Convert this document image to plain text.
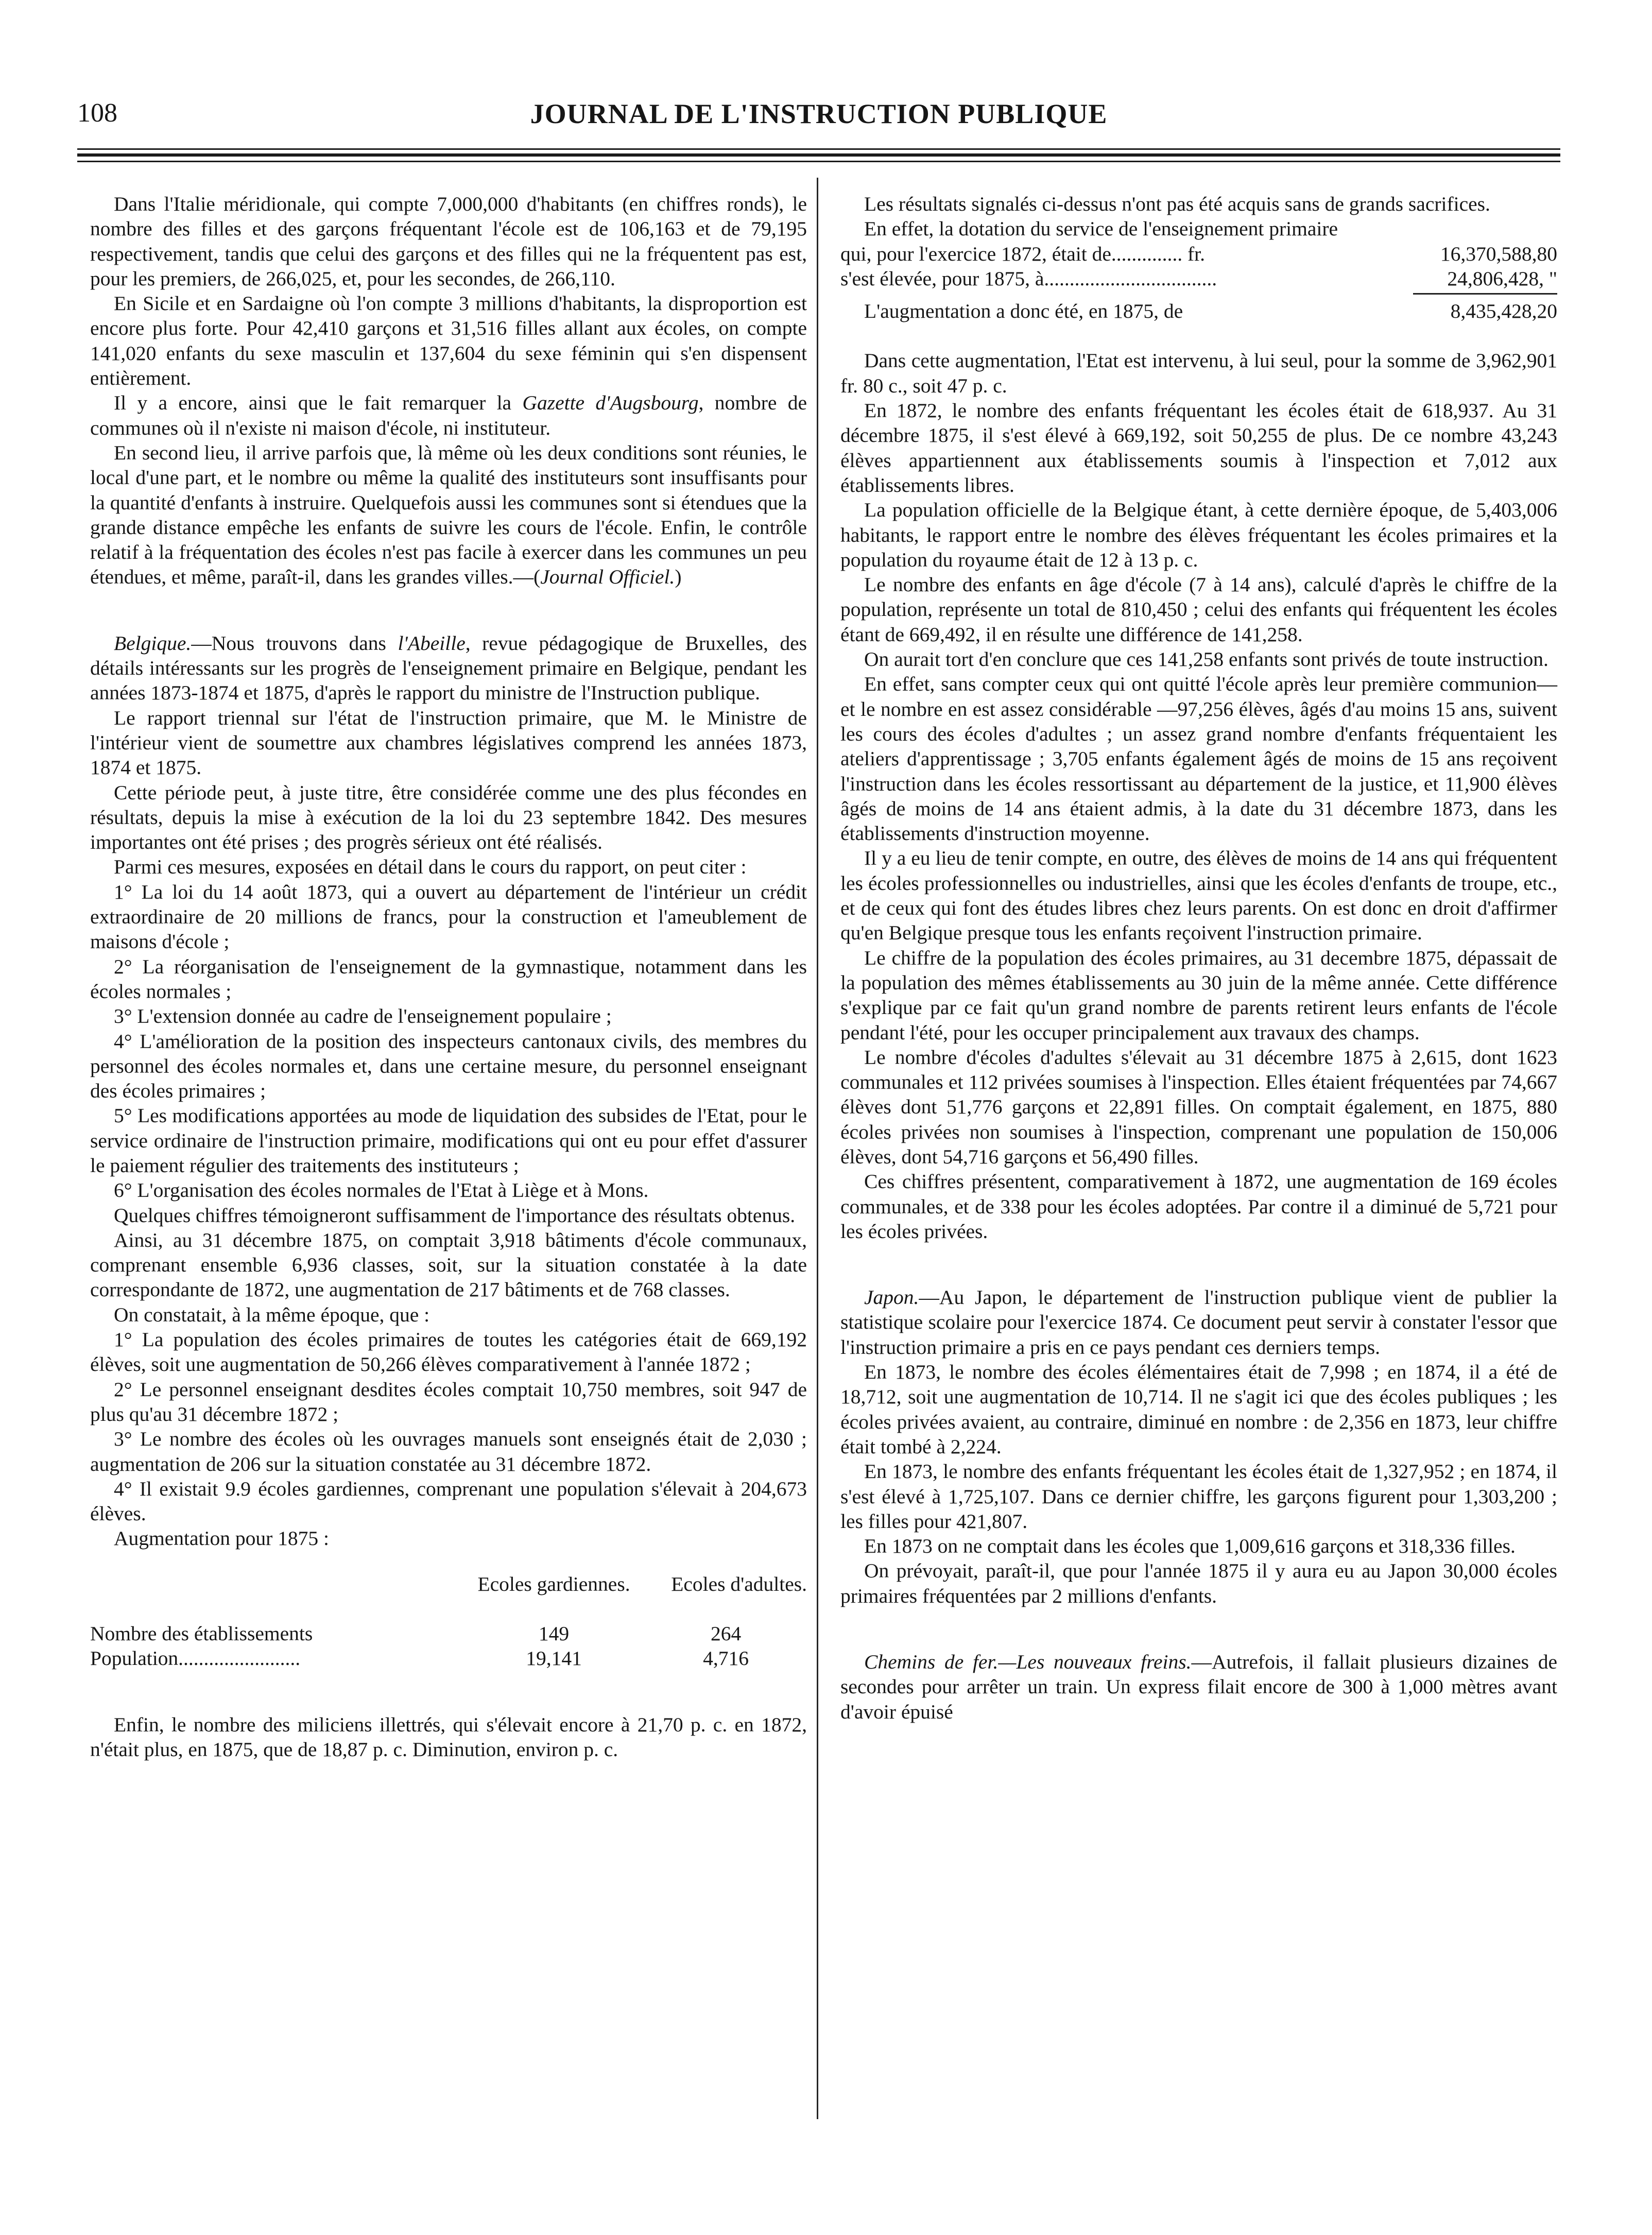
108	JOURNAL DE L'INSTRUCTION PUBLIQUE

Dans l'Italie méridionale, qui compte 7,000,000 d'habitants (en chiffres ronds), le nombre des filles et des garçons fréquentant l'école est de 106,163 et de 79,195 respectivement, tandis que celui des garçons et des filles qui ne la fréquentent pas est, pour les premiers, de 266,025, et, pour les secondes, de 266,110.

En Sicile et en Sardaigne où l'on compte 3 millions d'habitants, la disproportion est encore plus forte. Pour 42,410 garçons et 31,516 filles allant aux écoles, on compte 141,020 enfants du sexe masculin et 137,604 du sexe féminin qui s'en dispensent entièrement.

Il y a encore, ainsi que le fait remarquer la Gazette d'Augsbourg, nombre de communes où il n'existe ni maison d'école, ni instituteur.

En second lieu, il arrive parfois que, là même où les deux conditions sont réunies, le local d'une part, et le nombre ou même la qualité des instituteurs sont insuffisants pour la quantité d'enfants à instruire. Quelquefois aussi les communes sont si étendues que la grande distance empêche les enfants de suivre les cours de l'école. Enfin, le contrôle relatif à la fréquentation des écoles n'est pas facile à exercer dans les communes un peu étendues, et même, paraît-il, dans les grandes villes.—(Journal Officiel.)

Belgique.—Nous trouvons dans l'Abeille, revue pédagogique de Bruxelles, des détails intéressants sur les progrès de l'enseignement primaire en Belgique, pendant les années 1873-1874 et 1875, d'après le rapport du ministre de l'Instruction publique.

Le rapport triennal sur l'état de l'instruction primaire, que M. le Ministre de l'intérieur vient de soumettre aux chambres législatives comprend les années 1873, 1874 et 1875.

Cette période peut, à juste titre, être considérée comme une des plus fécondes en résultats, depuis la mise à exécution de la loi du 23 septembre 1842. Des mesures importantes ont été prises ; des progrès sérieux ont été réalisés.

Parmi ces mesures, exposées en détail dans le cours du rapport, on peut citer :

1° La loi du 14 août 1873, qui a ouvert au département de l'intérieur un crédit extraordinaire de 20 millions de francs, pour la construction et l'ameublement de maisons d'école ;

2° La réorganisation de l'enseignement de la gymnastique, notamment dans les écoles normales ;

3° L'extension donnée au cadre de l'enseignement populaire ;

4° L'amélioration de la position des inspecteurs cantonaux civils, des membres du personnel des écoles normales et, dans une certaine mesure, du personnel enseignant des écoles primaires ;

5° Les modifications apportées au mode de liquidation des subsides de l'Etat, pour le service ordinaire de l'instruction primaire, modifications qui ont eu pour effet d'assurer le paiement régulier des traitements des instituteurs ;

6° L'organisation des écoles normales de l'Etat à Liège et à Mons.

Quelques chiffres témoigneront suffisamment de l'importance des résultats obtenus.

Ainsi, au 31 décembre 1875, on comptait 3,918 bâtiments d'école communaux, comprenant ensemble 6,936 classes, soit, sur la situation constatée à la date correspondante de 1872, une augmentation de 217 bâtiments et de 768 classes.

On constatait, à la même époque, que :

1° La population des écoles primaires de toutes les catégories était de 669,192 élèves, soit une augmentation de 50,266 élèves comparativement à l'année 1872 ;

2° Le personnel enseignant desdites écoles comptait 10,750 membres, soit 947 de plus qu'au 31 décembre 1872 ;

3° Le nombre des écoles où les ouvrages manuels sont enseignés était de 2,030 ; augmentation de 206 sur la situation constatée au 31 décembre 1872.

4° Il existait 9.9 écoles gardiennes, comprenant une population s'élevait à 204,673 élèves.

Augmentation pour 1875 :

	Ecoles gardiennes.	Ecoles d'adultes.

Nombre des établissements	149	264
Population........................	19,141	4,716

Enfin, le nombre des miliciens illettrés, qui s'élevait encore à 21,70 p. c. en 1872, n'était plus, en 1875, que de 18,87 p. c. Diminution, environ p. c.

Les résultats signalés ci-dessus n'ont pas été acquis sans de grands sacrifices.

En effet, la dotation du service de l'enseignement primaire

qui, pour l'exercice 1872, était de.............. fr.	16,370,588,80
s'est élevée, pour 1875, à..................................	24,806,428, "
L'augmentation a donc été, en 1875, de	8,435,428,20

Dans cette augmentation, l'Etat est intervenu, à lui seul, pour la somme de 3,962,901 fr. 80 c., soit 47 p. c.

En 1872, le nombre des enfants fréquentant les écoles était de 618,937. Au 31 décembre 1875, il s'est élevé à 669,192, soit 50,255 de plus. De ce nombre 43,243 élèves appartiennent aux établissements soumis à l'inspection et 7,012 aux établissements libres.

La population officielle de la Belgique étant, à cette dernière époque, de 5,403,006 habitants, le rapport entre le nombre des élèves fréquentant les écoles primaires et la population du royaume était de 12 à 13 p. c.

Le nombre des enfants en âge d'école (7 à 14 ans), calculé d'après le chiffre de la population, représente un total de 810,450 ; celui des enfants qui fréquentent les écoles étant de 669,492, il en résulte une différence de 141,258.

On aurait tort d'en conclure que ces 141,258 enfants sont privés de toute instruction.

En effet, sans compter ceux qui ont quitté l'école après leur première communion—et le nombre en est assez considérable —97,256 élèves, âgés d'au moins 15 ans, suivent les cours des écoles d'adultes ; un assez grand nombre d'enfants fréquentaient les ateliers d'apprentissage ; 3,705 enfants également âgés de moins de 15 ans reçoivent l'instruction dans les écoles ressortissant au département de la justice, et 11,900 élèves âgés de moins de 14 ans étaient admis, à la date du 31 décembre 1873, dans les établissements d'instruction moyenne.

Il y a eu lieu de tenir compte, en outre, des élèves de moins de 14 ans qui fréquentent les écoles professionnelles ou industrielles, ainsi que les écoles d'enfants de troupe, etc., et de ceux qui font des études libres chez leurs parents. On est donc en droit d'affirmer qu'en Belgique presque tous les enfants reçoivent l'instruction primaire.

Le chiffre de la population des écoles primaires, au 31 decembre 1875, dépassait de la population des mêmes établissements au 30 juin de la même année. Cette différence s'explique par ce fait qu'un grand nombre de parents retirent leurs enfants de l'école pendant l'été, pour les occuper principalement aux travaux des champs.

Le nombre d'écoles d'adultes s'élevait au 31 décembre 1875 à 2,615, dont 1623 communales et 112 privées soumises à l'inspection. Elles étaient fréquentées par 74,667 élèves dont 51,776 garçons et 22,891 filles. On comptait également, en 1875, 880 écoles privées non soumises à l'inspection, comprenant une population de 150,006 élèves, dont 54,716 garçons et 56,490 filles.

Ces chiffres présentent, comparativement à 1872, une augmentation de 169 écoles communales, et de 338 pour les écoles adoptées. Par contre il a diminué de 5,721 pour les écoles privées.

Japon.—Au Japon, le département de l'instruction publique vient de publier la statistique scolaire pour l'exercice 1874. Ce document peut servir à constater l'essor que l'instruction primaire a pris en ce pays pendant ces derniers temps.

En 1873, le nombre des écoles élémentaires était de 7,998 ; en 1874, il a été de 18,712, soit une augmentation de 10,714. Il ne s'agit ici que des écoles publiques ; les écoles privées avaient, au contraire, diminué en nombre : de 2,356 en 1873, leur chiffre était tombé à 2,224.

En 1873, le nombre des enfants fréquentant les écoles était de 1,327,952 ; en 1874, il s'est élevé à 1,725,107. Dans ce dernier chiffre, les garçons figurent pour 1,303,200 ; les filles pour 421,807.

En 1873 on ne comptait dans les écoles que 1,009,616 garçons et 318,336 filles.

On prévoyait, paraît-il, que pour l'année 1875 il y aura eu au Japon 30,000 écoles primaires fréquentées par 2 millions d'enfants.

Chemins de fer.—Les nouveaux freins.—Autrefois, il fallait plusieurs dizaines de secondes pour arrêter un train. Un express filait encore de 300 à 1,000 mètres avant d'avoir épuisé
